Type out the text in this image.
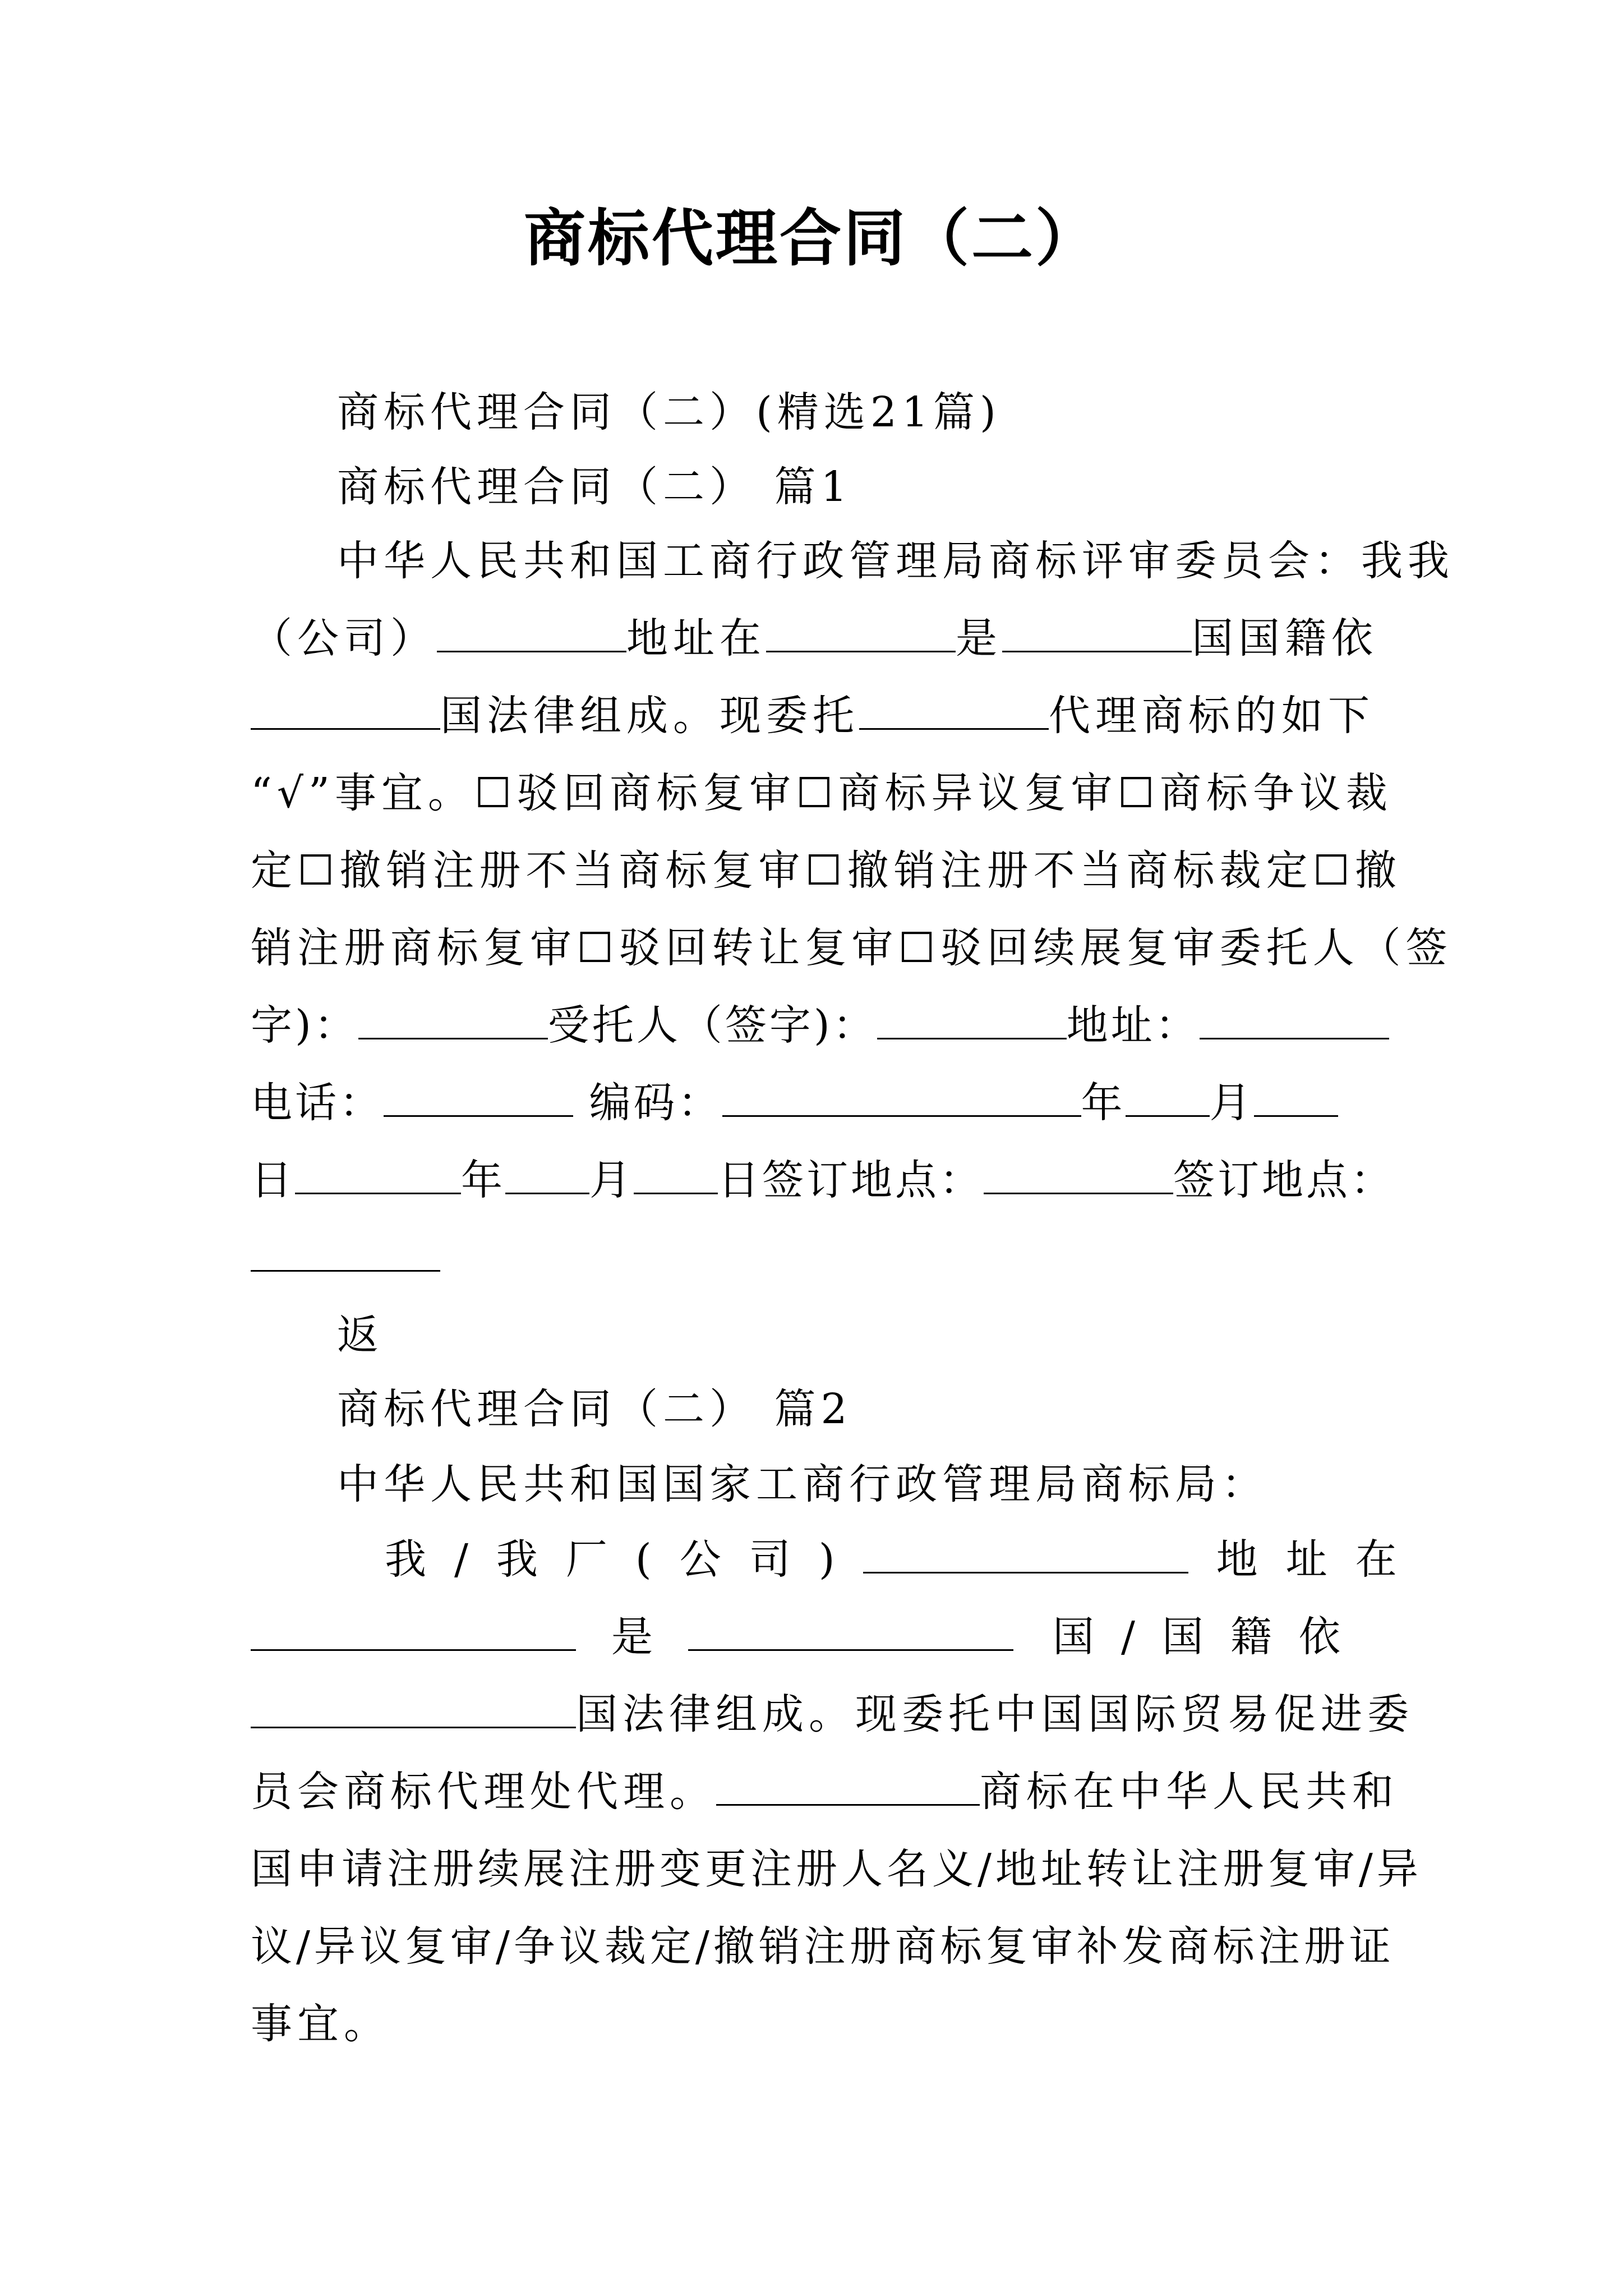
商标代理合同（二）
商标代理合同（二）(精选21篇)
商标代理合同（二） 篇1
中华人民共和国工商行政管理局商标评审委员会：我我
（公司）	地址在	是	国国籍依
国法律组成。现委托	代理商标的如下
“√”事宜。☐驳回商标复审☐商标异议复审☐商标争议裁
定☐撤销注册不当商标复审☐撤销注册不当商标裁定☐撤
销注册商标复审☐驳回转让复审☐驳回续展复审委托人（签
字)：	受托人（签字)：	地址：
电话：	编码：	年 月
日	年 月 日签订地点：	签订地点：
返
商标代理合同（二） 篇2
中华人民共和国国家工商行政管理局商标局：
我/我厂(公司)	地址在
是	国/国籍依
国法律组成。现委托中国国际贸易促进委
员会商标代理处代理。	商标在中华人民共和
国申请注册续展注册变更注册人名义/地址转让注册复审/异
议/异议复审/争议裁定/撤销注册商标复审补发商标注册证
事宜。
